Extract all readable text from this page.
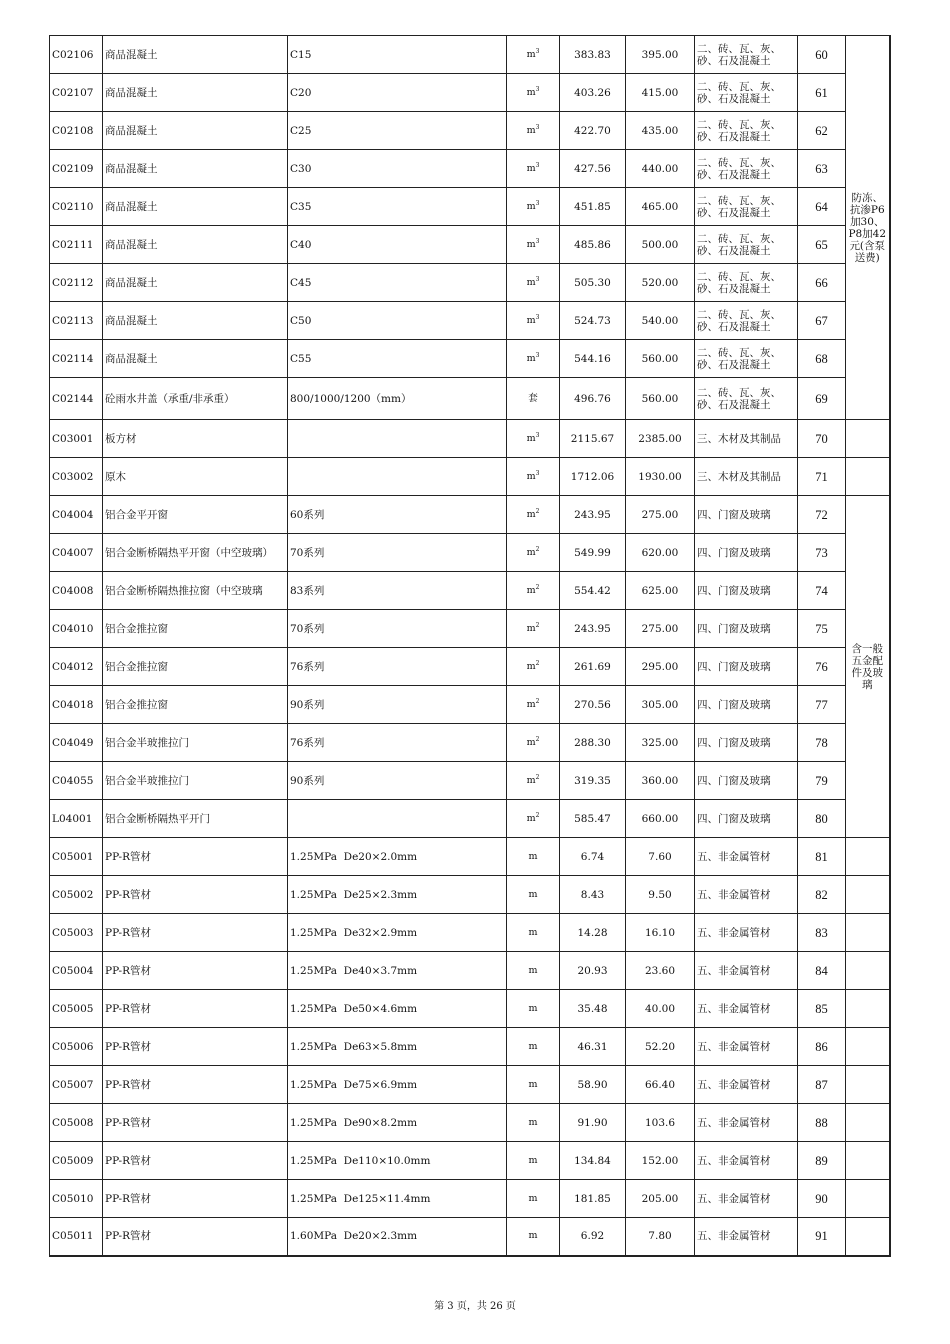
C02106	商品混凝土	C15	$m^3$	383.83	395.00	二、砖、瓦、灰、砂、石及混凝土	60	防冻、抗渗P6加30、P8加42元(含泵送费)
C02107	商品混凝土	C20	$m^3$	403.26	415.00	二、砖、瓦、灰、砂、石及混凝土	61	
C02108	商品混凝土	C25	$m^3$	422.70	435.00	二、砖、瓦、灰、砂、石及混凝土	62	
C02109	商品混凝土	C30	$m^3$	427.56	440.00	二、砖、瓦、灰、砂、石及混凝土	63	
C02110	商品混凝土	C35	$m^3$	451.85	465.00	二、砖、瓦、灰、砂、石及混凝土	64	
C02111	商品混凝土	C40	$m^3$	485.86	500.00	二、砖、瓦、灰、砂、石及混凝土	65	
C02112	商品混凝土	C45	$m^3$	505.30	520.00	二、砖、瓦、灰、砂、石及混凝土	66	
C02113	商品混凝土	C50	$m^3$	524.73	540.00	二、砖、瓦、灰、砂、石及混凝土	67	
C02114	商品混凝土	C55	$m^3$	544.16	560.00	二、砖、瓦、灰、砂、石及混凝土	68	
C02144	砼雨水井盖（承重/非承重）	800/1000/1200（mm）	套	496.76	560.00	二、砖、瓦、灰、砂、石及混凝土	69	
C03001	板方材		$m^3$	2115.67	2385.00	三、木材及其制品	70	
C03002	原木		$m^3$	1712.06	1930.00	三、木材及其制品	71	
C04004	铝合金平开窗	60系列	$m^2$	243.95	275.00	四、门窗及玻璃	72	含一般五金配件及玻璃
C04007	铝合金断桥隔热平开窗（中空玻璃）	70系列	$m^2$	549.99	620.00	四、门窗及玻璃	73	
C04008	铝合金断桥隔热推拉窗（中空玻璃	83系列	$m^2$	554.42	625.00	四、门窗及玻璃	74	
C04010	铝合金推拉窗	70系列	$m^2$	243.95	275.00	四、门窗及玻璃	75	
C04012	铝合金推拉窗	76系列	$m^2$	261.69	295.00	四、门窗及玻璃	76	
C04018	铝合金推拉窗	90系列	$m^2$	270.56	305.00	四、门窗及玻璃	77	
C04049	铝合金半玻推拉门	76系列	$m^2$	288.30	325.00	四、门窗及玻璃	78	
C04055	铝合金半玻推拉门	90系列	$m^2$	319.35	360.00	四、门窗及玻璃	79	
L04001	铝合金断桥隔热平开门		$m^2$	585.47	660.00	四、门窗及玻璃	80	
C05001	PP-R管材	1.25MPa  De20×2.0mm	m	6.74	7.60	五、非金属管材	81	
C05002	PP-R管材	1.25MPa  De25×2.3mm	m	8.43	9.50	五、非金属管材	82	
C05003	PP-R管材	1.25MPa  De32×2.9mm	m	14.28	16.10	五、非金属管材	83	
C05004	PP-R管材	1.25MPa  De40×3.7mm	m	20.93	23.60	五、非金属管材	84	
C05005	PP-R管材	1.25MPa  De50×4.6mm	m	35.48	40.00	五、非金属管材	85	
C05006	PP-R管材	1.25MPa  De63×5.8mm	m	46.31	52.20	五、非金属管材	86	
C05007	PP-R管材	1.25MPa  De75×6.9mm	m	58.90	66.40	五、非金属管材	87	
C05008	PP-R管材	1.25MPa  De90×8.2mm	m	91.90	103.6	五、非金属管材	88	
C05009	PP-R管材	1.25MPa  De110×10.0mm	m	134.84	152.00	五、非金属管材	89	
C05010	PP-R管材	1.25MPa  De125×11.4mm	m	181.85	205.00	五、非金属管材	90	
C05011	PP-R管材	1.60MPa  De20×2.3mm	m	6.92	7.80	五、非金属管材	91	
第 3 页，共 26 页
